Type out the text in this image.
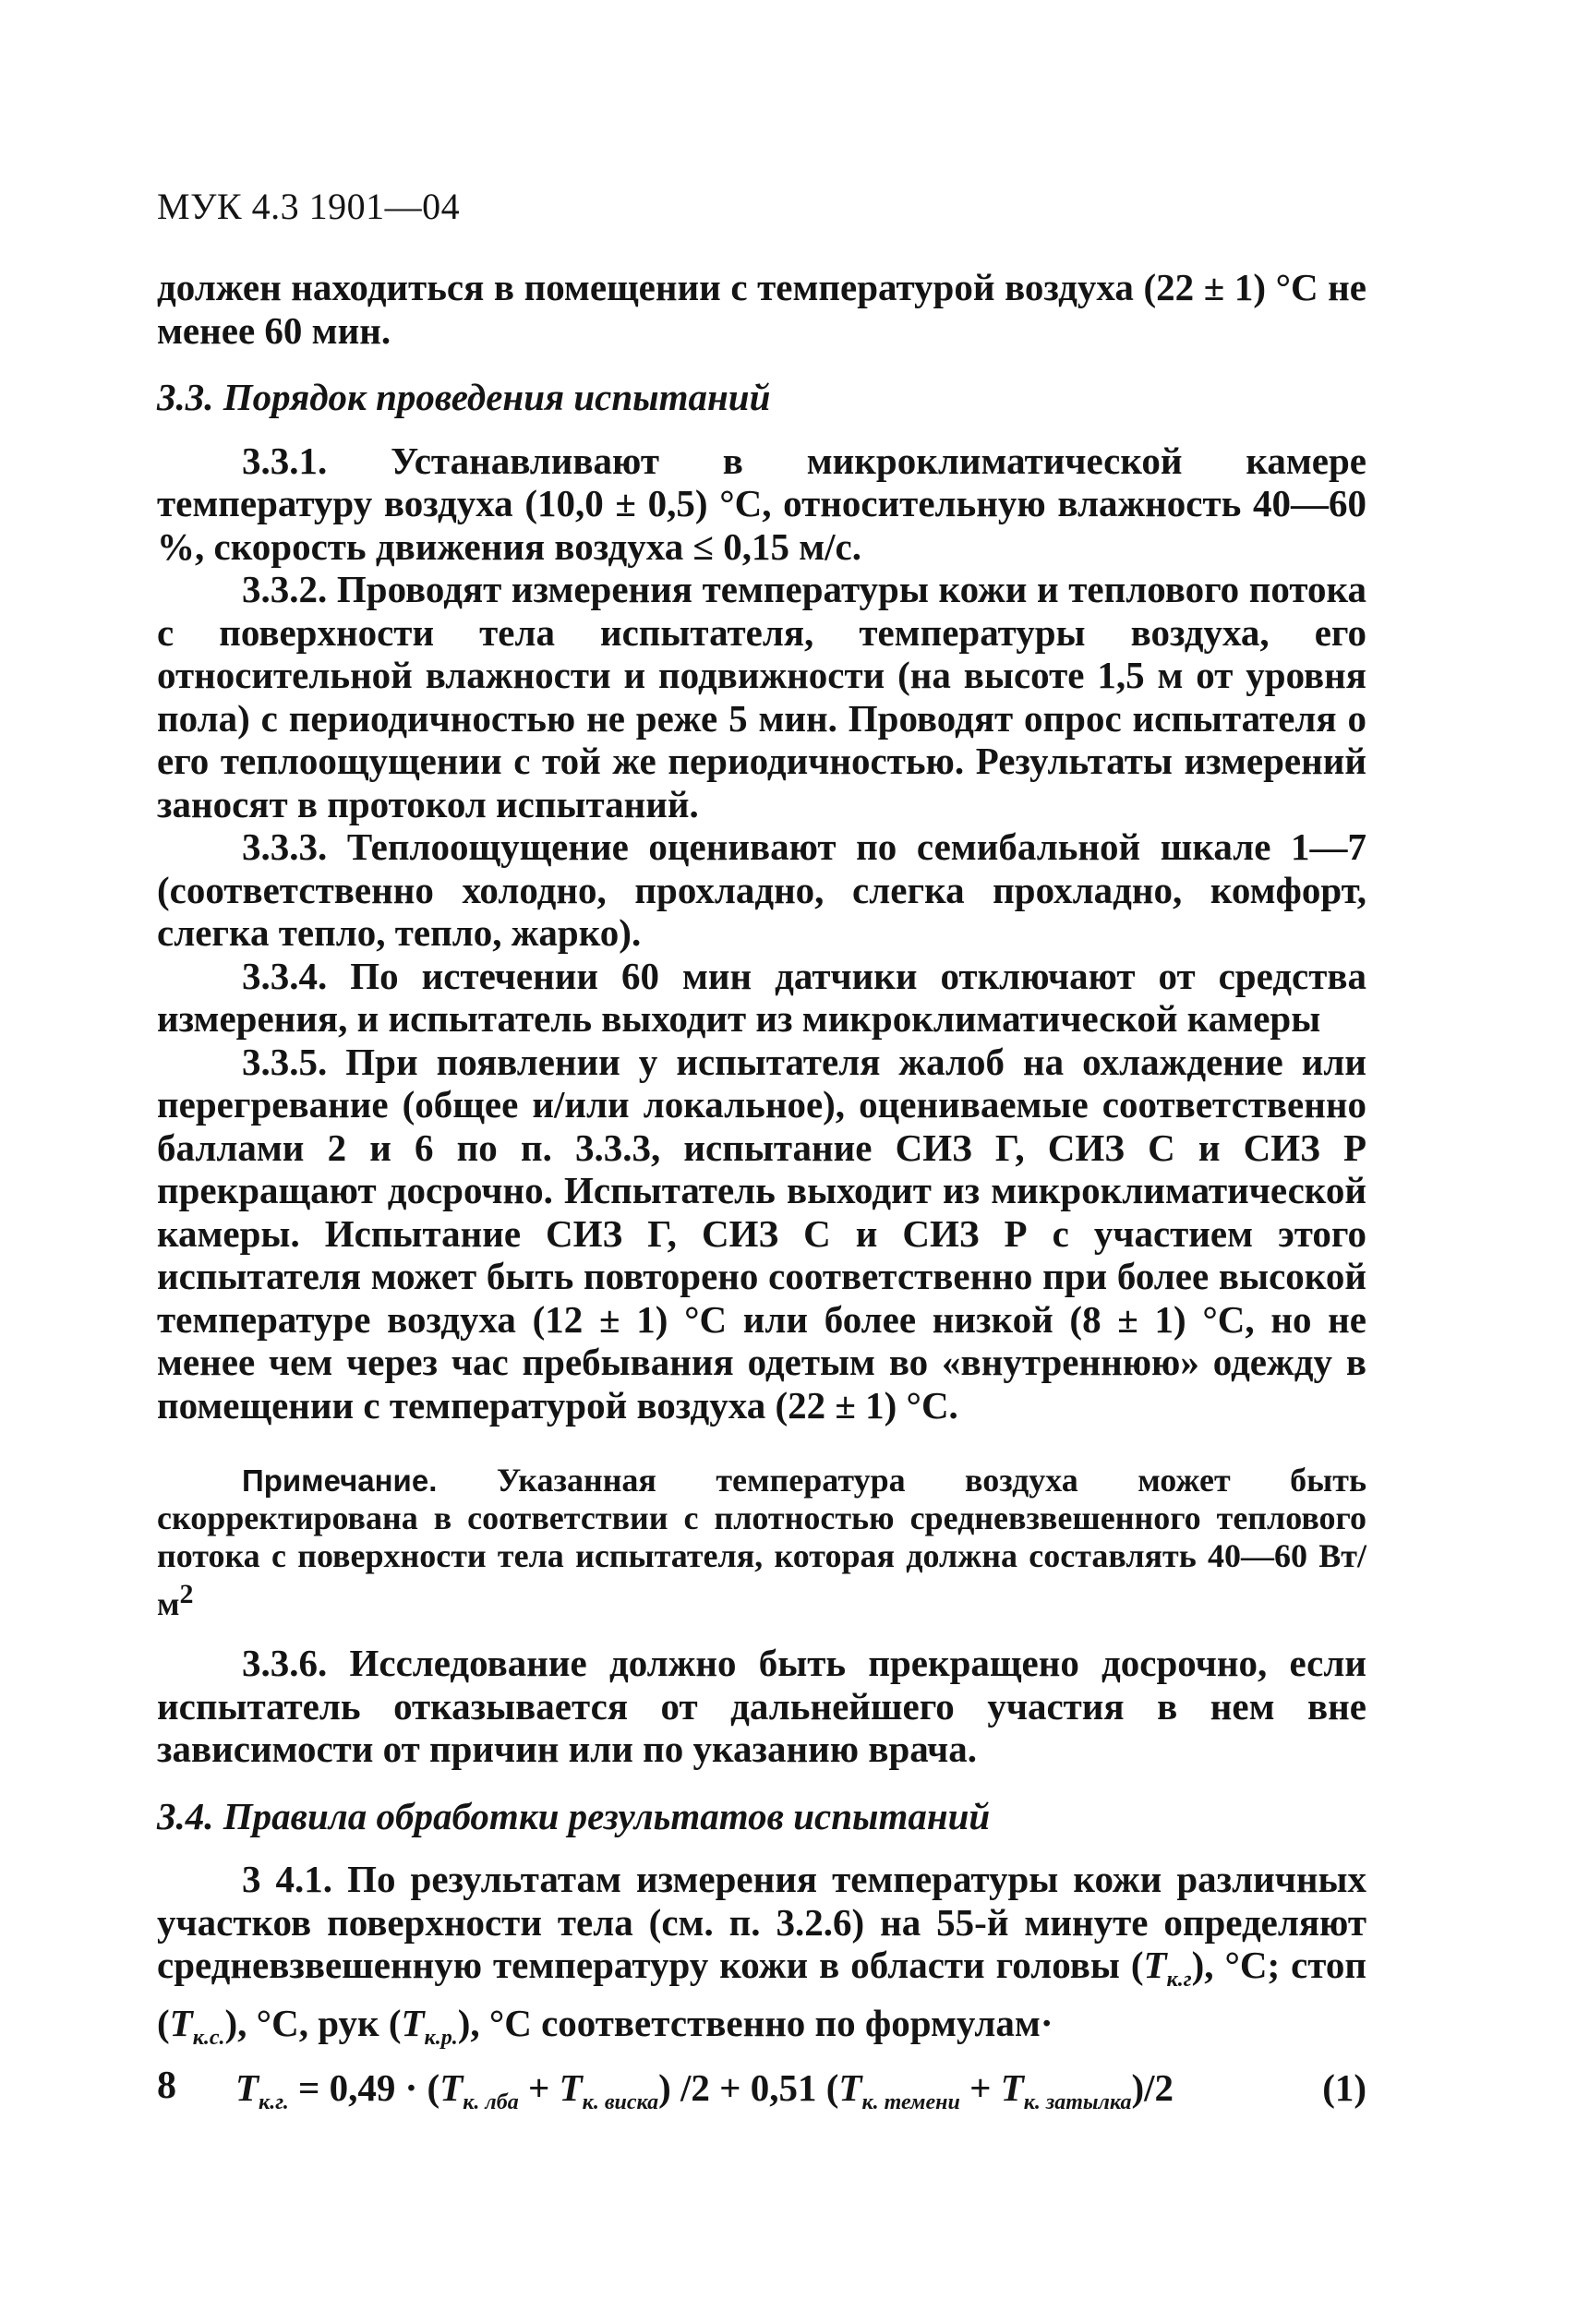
МУК 4.3 1901—04

должен находиться в помещении с температурой воздуха (22 ± 1) °С не менее 60 мин.

3.3. Порядок проведения испытаний

3.3.1. Устанавливают в микроклиматической камере температуру воздуха (10,0 ± 0,5) °С, относительную влажность 40—60 %, скорость движения воздуха ≤ 0,15 м/с.

3.3.2. Проводят измерения температуры кожи и теплового потока с поверхности тела испытателя, температуры воздуха, его относительной влажности и подвижности (на высоте 1,5 м от уровня пола) с периодичностью не реже 5 мин. Проводят опрос испытателя о его теплоощущении с той же периодичностью. Результаты измерений заносят в протокол испытаний.

3.3.3. Теплоощущение оценивают по семибальной шкале 1—7 (соответственно холодно, прохладно, слегка прохладно, комфорт, слегка тепло, тепло, жарко).

3.3.4. По истечении 60 мин датчики отключают от средства измерения, и испытатель выходит из микроклиматической камеры

3.3.5. При появлении у испытателя жалоб на охлаждение или перегревание (общее и/или локальное), оцениваемые соответственно баллами 2 и 6 по п. 3.3.3, испытание СИЗ Г, СИЗ С и СИЗ Р прекращают досрочно. Испытатель выходит из микроклиматической камеры. Испытание СИЗ Г, СИЗ С и СИЗ Р с участием этого испытателя может быть повторено соответственно при более высокой температуре воздуха (12 ± 1) °С или более низкой (8 ± 1) °С, но не менее чем через час пребывания одетым во «внутреннюю» одежду в помещении с температурой воздуха (22 ± 1) °С.

Примечание. Указанная температура воздуха может быть скорректирована в соответствии с плотностью средневзвешенного теплового потока с поверхности тела испытателя, которая должна составлять 40—60 $Вт/м^2$

3.3.6. Исследование должно быть прекращено досрочно, если испытатель отказывается от дальнейшего участия в нем вне зависимости от причин или по указанию врача.

3.4. Правила обработки результатов испытаний

3 4.1. По результатам измерения температуры кожи различных участков поверхности тела (см. п. 3.2.6) на 55-й минуте определяют средневзвешенную температуру кожи в области головы $(T_{к.г})$, °С; стоп $(T_{к.с.})$, °С, рук $(T_{к.р.})$, °С соответственно по формулам·

$T_{к.г.} = 0,49 \cdot (T_{к. лба} + T_{к. виска}) /2 + 0,51$ $(T_{к. темени} + T_{к. затылка})/2$	(1)
8
